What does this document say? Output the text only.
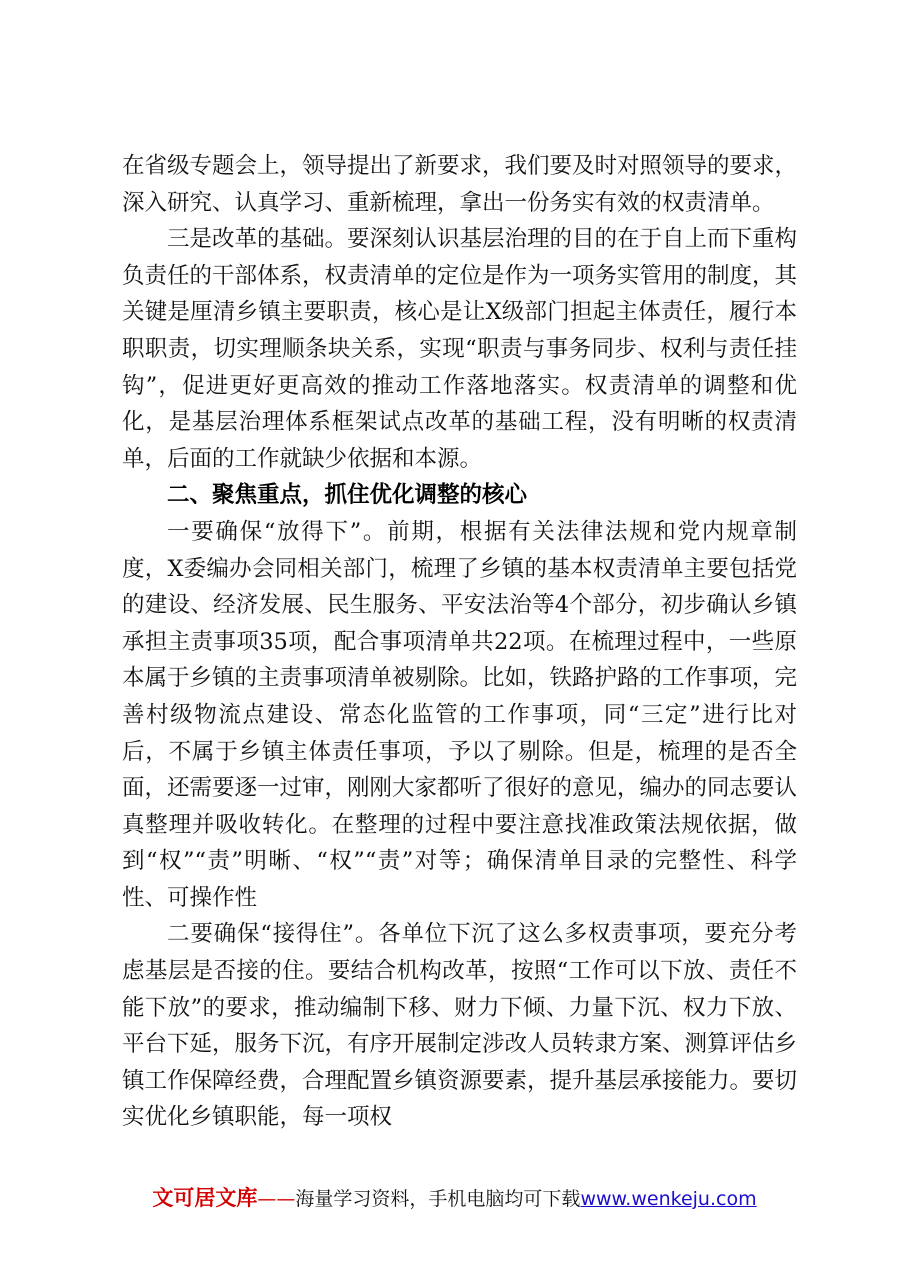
在省级专题会上，领导提出了新要求，我们要及时对照领导的要求，深入研究、认真学习、重新梳理，拿出一份务实有效的权责清单。

三是改革的基础。要深刻认识基层治理的目的在于自上而下重构负责任的干部体系，权责清单的定位是作为一项务实管用的制度，其关键是厘清乡镇主要职责，核心是让X级部门担起主体责任，履行本职职责，切实理顺条块关系，实现“职责与事务同步、权利与责任挂钩”，促进更好更高效的推动工作落地落实。权责清单的调整和优化，是基层治理体系框架试点改革的基础工程，没有明晰的权责清单，后面的工作就缺少依据和本源。

二、聚焦重点，抓住优化调整的核心

一要确保“放得下”。前期，根据有关法律法规和党内规章制度，X委编办会同相关部门，梳理了乡镇的基本权责清单主要包括党的建设、经济发展、民生服务、平安法治等4个部分，初步确认乡镇承担主责事项35项，配合事项清单共22项。在梳理过程中，一些原本属于乡镇的主责事项清单被剔除。比如，铁路护路的工作事项，完善村级物流点建设、常态化监管的工作事项，同“三定”进行比对后，不属于乡镇主体责任事项，予以了剔除。但是，梳理的是否全面，还需要逐一过审，刚刚大家都听了很好的意见，编办的同志要认真整理并吸收转化。在整理的过程中要注意找准政策法规依据，做到“权”“责”明晰、“权”“责”对等；确保清单目录的完整性、科学性、可操作性

二要确保“接得住”。各单位下沉了这么多权责事项，要充分考虑基层是否接的住。要结合机构改革，按照“工作可以下放、责任不能下放”的要求，推动编制下移、财力下倾、力量下沉、权力下放、平台下延，服务下沉，有序开展制定涉改人员转隶方案、测算评估乡镇工作保障经费，合理配置乡镇资源要素，提升基层承接能力。要切实优化乡镇职能，每一项权

文可居文库——海量学习资料，手机电脑均可下载www.wenkeju.com
